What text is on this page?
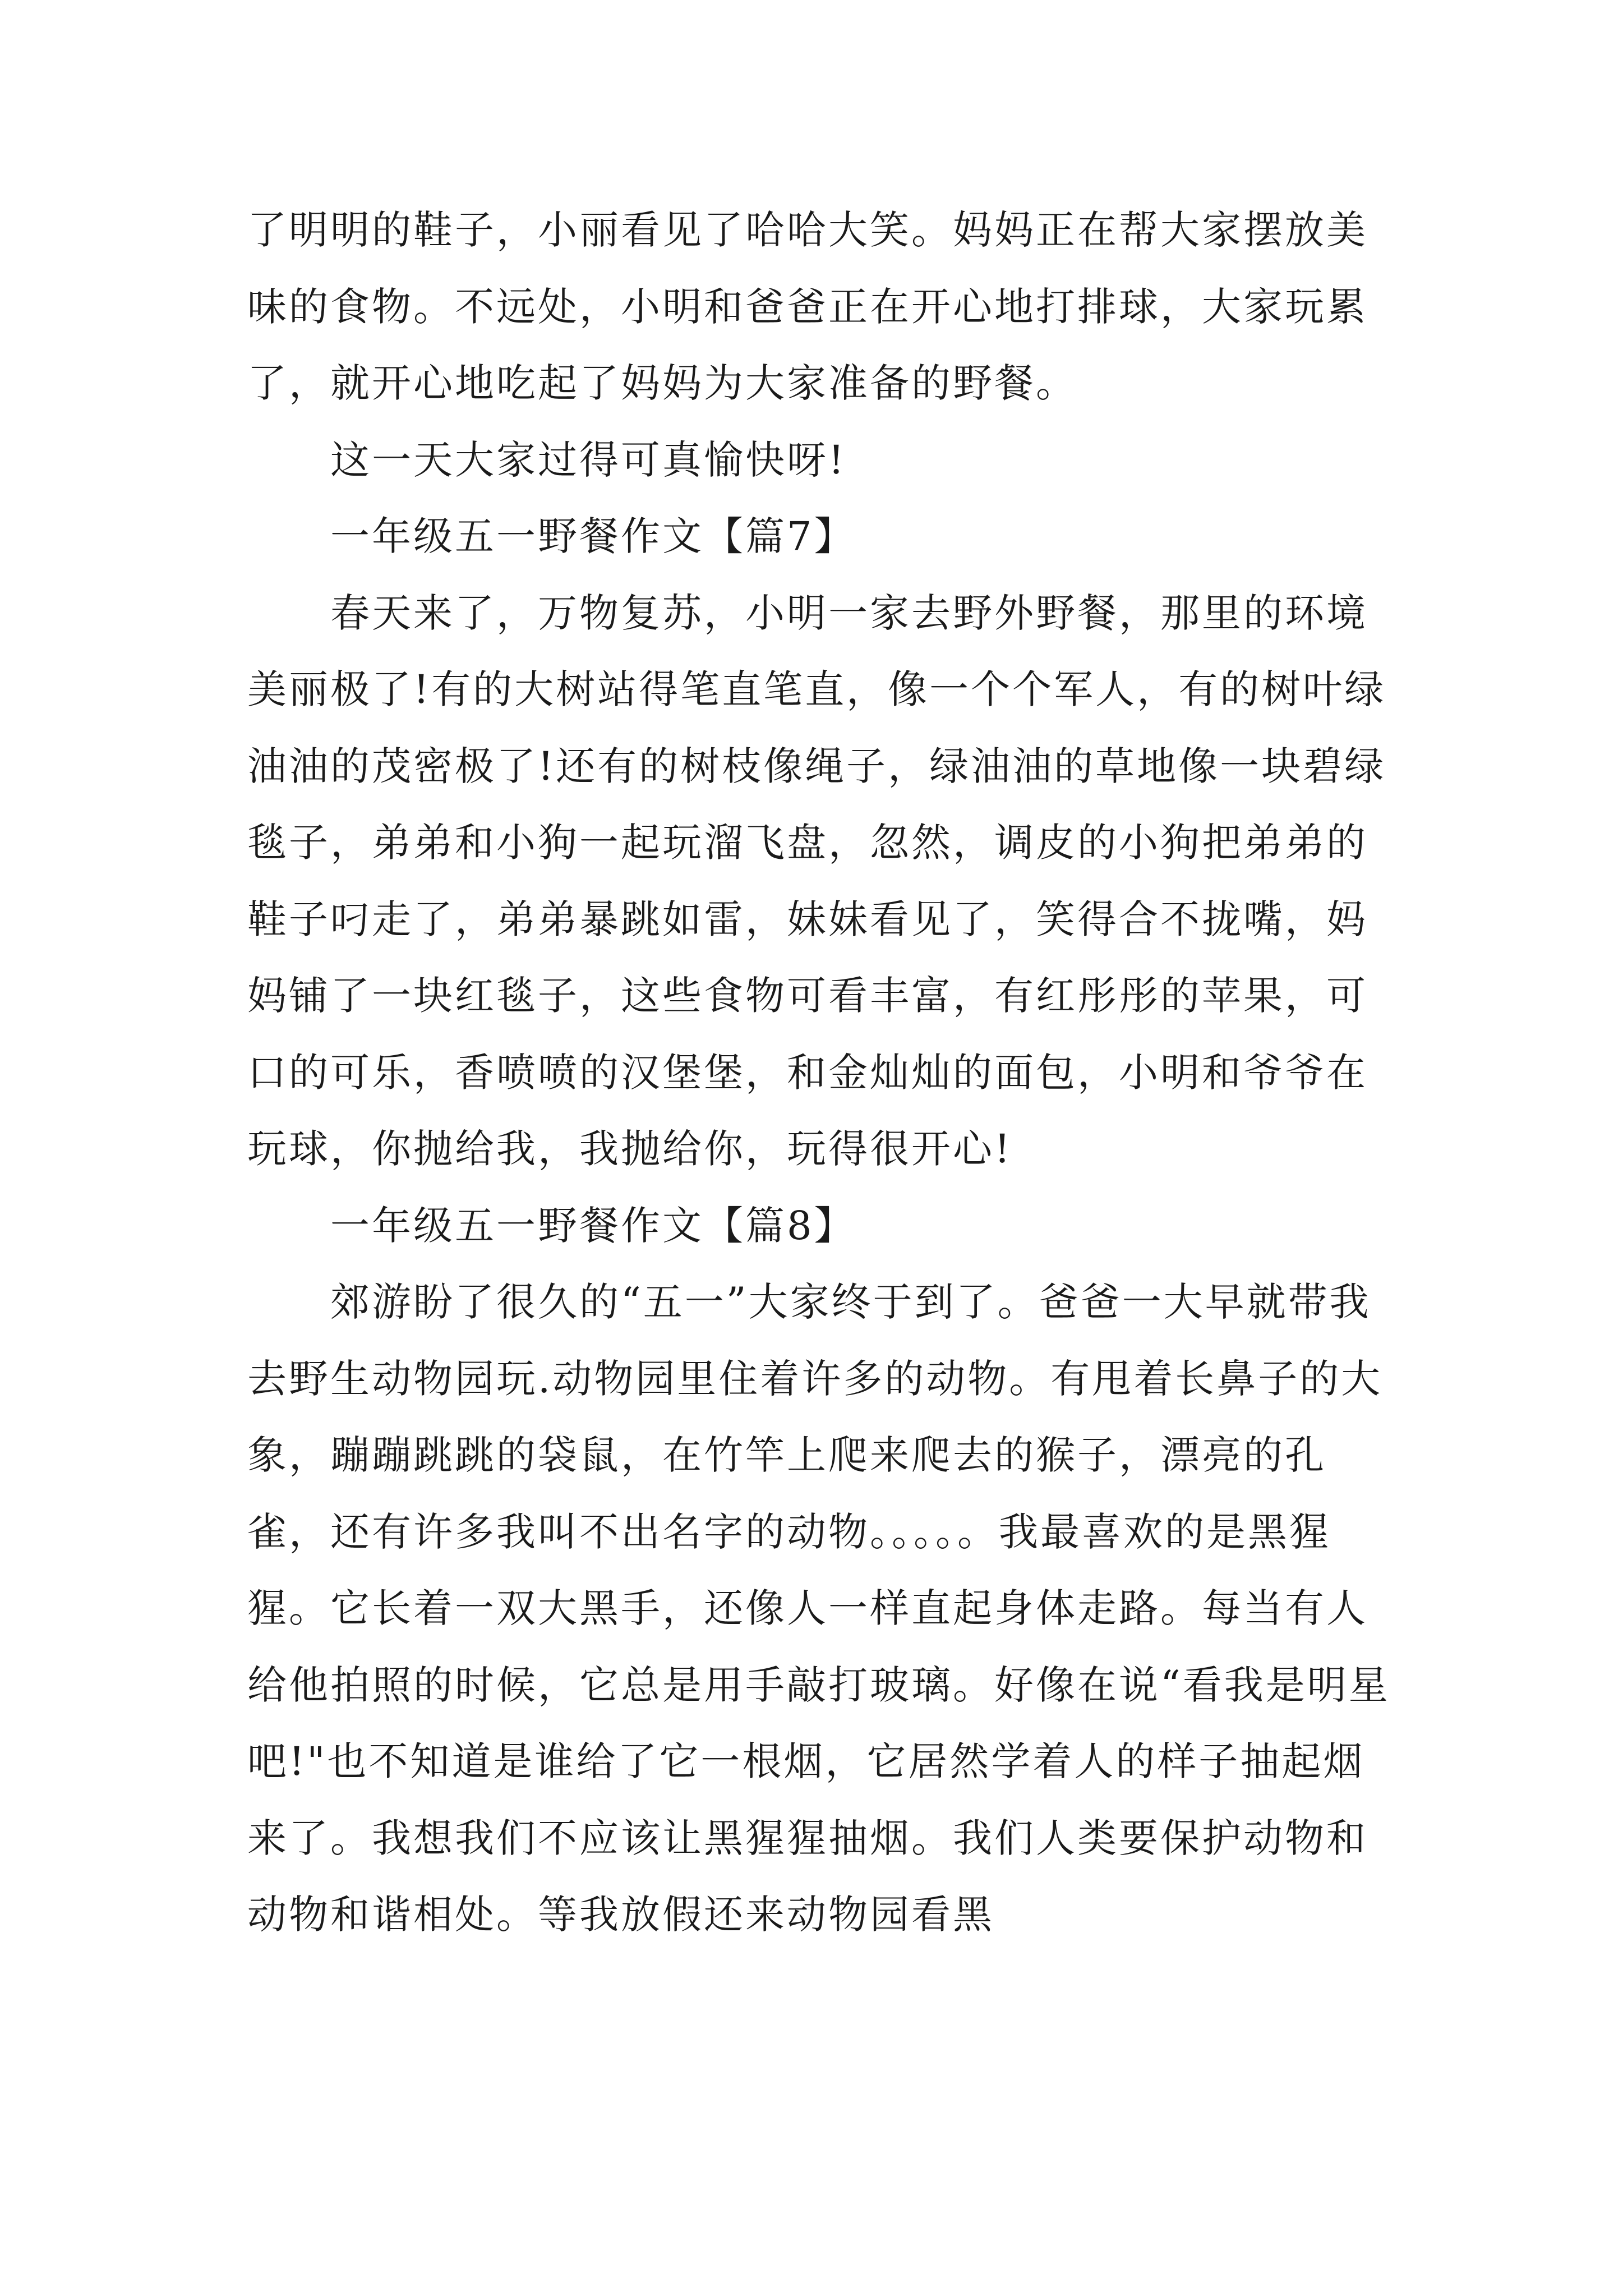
了明明的鞋子，小丽看见了哈哈大笑。妈妈正在帮大家摆放美味的食物。不远处，小明和爸爸正在开心地打排球，大家玩累了，就开心地吃起了妈妈为大家准备的野餐。

这一天大家过得可真愉快呀!

一年级五一野餐作文【篇7】

春天来了，万物复苏，小明一家去野外野餐，那里的环境美丽极了!有的大树站得笔直笔直，像一个个军人，有的树叶绿油油的茂密极了!还有的树枝像绳子，绿油油的草地像一块碧绿毯子，弟弟和小狗一起玩溜飞盘，忽然，调皮的小狗把弟弟的鞋子叼走了，弟弟暴跳如雷，妹妹看见了，笑得合不拢嘴，妈妈铺了一块红毯子，这些食物可看丰富，有红彤彤的苹果，可口的可乐，香喷喷的汉堡堡，和金灿灿的面包，小明和爷爷在玩球，你抛给我，我抛给你，玩得很开心!

一年级五一野餐作文【篇8】

郊游盼了很久的“五一”大家终于到了。爸爸一大早就带我去野生动物园玩.动物园里住着许多的动物。有甩着长鼻子的大象，蹦蹦跳跳的袋鼠，在竹竿上爬来爬去的猴子，漂亮的孔雀，还有许多我叫不出名字的动物。。。。。我最喜欢的是黑猩猩。它长着一双大黑手，还像人一样直起身体走路。每当有人给他拍照的时候，它总是用手敲打玻璃。好像在说“看我是明星吧!"也不知道是谁给了它一根烟，它居然学着人的样子抽起烟来了。我想我们不应该让黑猩猩抽烟。我们人类要保护动物和动物和谐相处。等我放假还来动物园看黑
